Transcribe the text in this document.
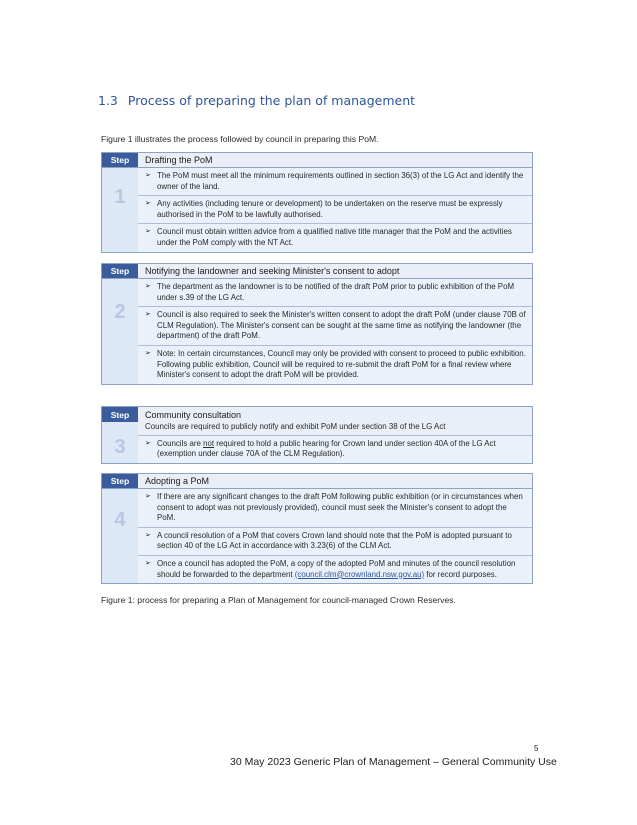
1.3 Process of preparing the plan of management
Figure 1 illustrates the process followed by council in preparing this PoM.
Step	Drafting the PoM
1
➢ The PoM must meet all the minimum requirements outlined in section 36(3) of the LG Act and identify the owner of the land.
➢ Any activities (including tenure or development) to be undertaken on the reserve must be expressly authorised in the PoM to be lawfully authorised.
➢ Council must obtain written advice from a qualified native title manager that the PoM and the activities under the PoM comply with the NT Act.
Step	Notifying the landowner and seeking Minister's consent to adopt
2
➢ The department as the landowner is to be notified of the draft PoM prior to public exhibition of the PoM under s.39 of the LG Act.
➢ Council is also required to seek the Minister's written consent to adopt the draft PoM (under clause 70B of CLM Regulation). The Minister's consent can be sought at the same time as notifying the landowner (the department) of the draft PoM.
➢ Note: In certain circumstances, Council may only be provided with consent to proceed to public exhibition. Following public exhibition, Council will be required to re-submit the draft PoM for a final review where Minister's consent to adopt the draft PoM will be provided.
Step	Community consultation
3
Councils are required to publicly notify and exhibit PoM under section 38 of the LG Act
➢ Councils are not required to hold a public hearing for Crown land under section 40A of the LG Act (exemption under clause 70A of the CLM Regulation).
Step	Adopting a PoM
4
➢ If there are any significant changes to the draft PoM following public exhibition (or in circumstances when consent to adopt was not previously provided), council must seek the Minister's consent to adopt the PoM.
➢ A council resolution of a PoM that covers Crown land should note that the PoM is adopted pursuant to section 40 of the LG Act in accordance with 3.23(6) of the CLM Act.
➢ Once a council has adopted the PoM, a copy of the adopted PoM and minutes of the council resolution should be forwarded to the department (council.clm@crownland.nsw.gov.au) for record purposes.
Figure 1: process for preparing a Plan of Management for council-managed Crown Reserves.
5
30 May 2023 Generic Plan of Management – General Community Use
